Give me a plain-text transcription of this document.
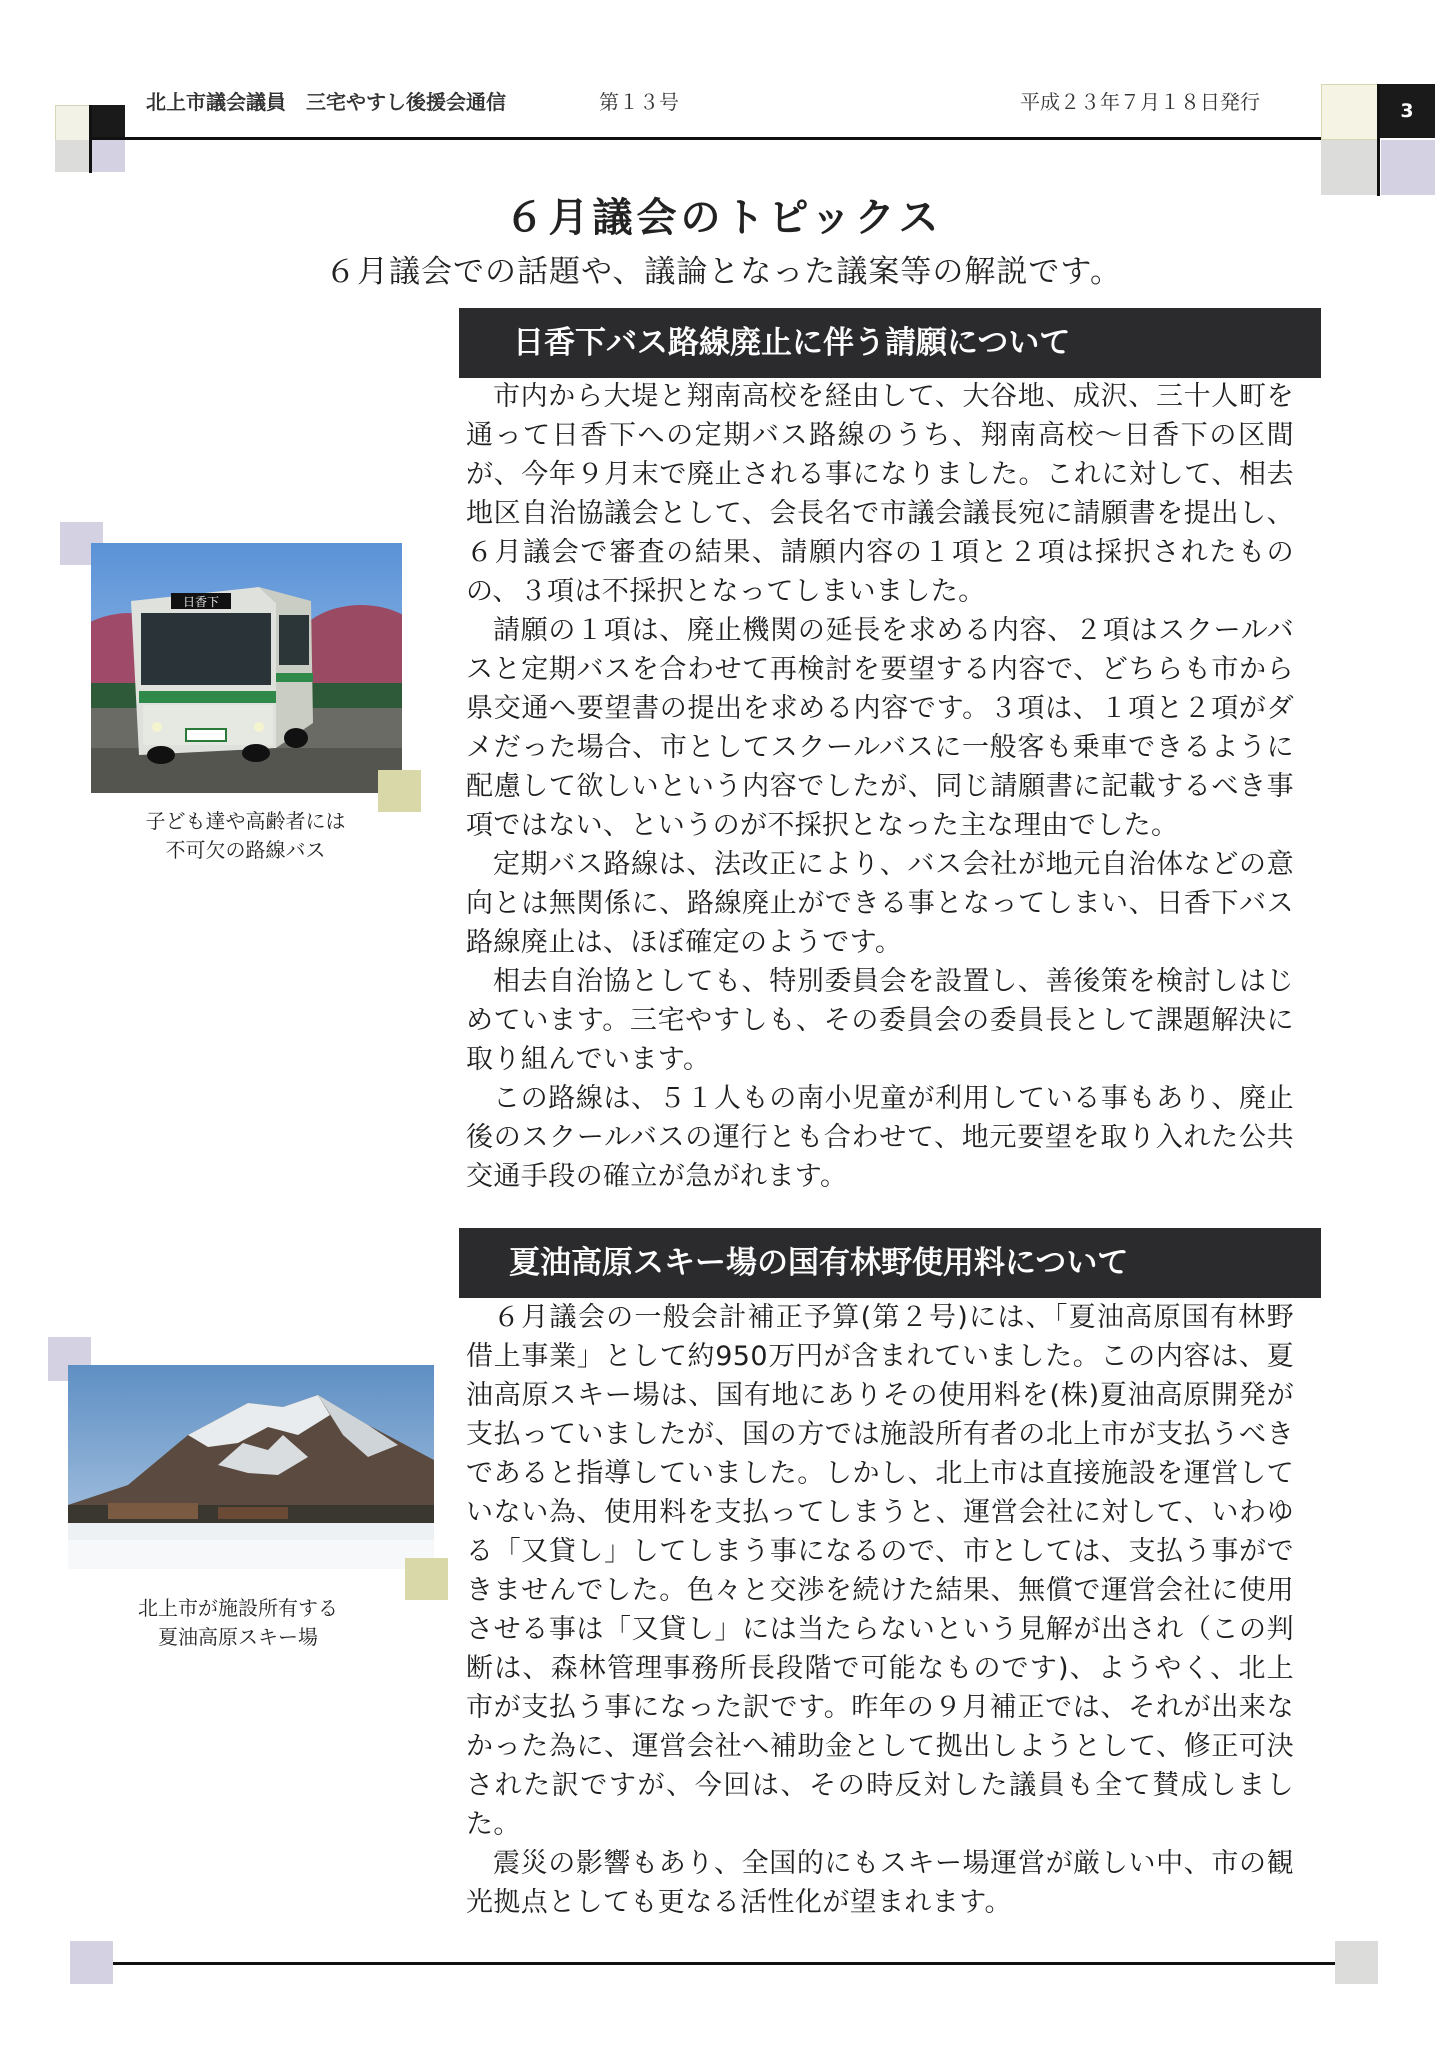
3
北上市議会議員　三宅やすし後援会通信	第１３号	平成２３年７月１８日発行
６月議会のトピックス
６月議会での話題や、議論となった議案等の解説です。
日香下バス路線廃止に伴う請願について

市内から大堤と翔南高校を経由して、大谷地、成沢、三十人町を通って日香下への定期バス路線のうち、翔南高校～日香下の区間が、今年９月末で廃止される事になりました。これに対して、相去地区自治協議会として、会長名で市議会議長宛に請願書を提出し、６月議会で審査の結果、請願内容の１項と２項は採択されたものの、３項は不採択となってしまいました。

請願の１項は、廃止機関の延長を求める内容、２項はスクールバスと定期バスを合わせて再検討を要望する内容で、どちらも市から県交通へ要望書の提出を求める内容です。３項は、１項と２項がダメだった場合、市としてスクールバスに一般客も乗車できるように配慮して欲しいという内容でしたが、同じ請願書に記載するべき事項ではない、というのが不採択となった主な理由でした。

定期バス路線は、法改正により、バス会社が地元自治体などの意向とは無関係に、路線廃止ができる事となってしまい、日香下バス路線廃止は、ほぼ確定のようです。

相去自治協としても、特別委員会を設置し、善後策を検討しはじめています。三宅やすしも、その委員会の委員長として課題解決に取り組んでいます。

この路線は、５１人もの南小児童が利用している事もあり、廃止後のスクールバスの運行とも合わせて、地元要望を取り入れた公共交通手段の確立が急がれます。

日香下
子ども達や高齢者には
不可欠の路線バス
夏油高原スキー場の国有林野使用料について

６月議会の一般会計補正予算(第２号)には、「夏油高原国有林野借上事業」として約950万円が含まれていました。この内容は、夏油高原スキー場は、国有地にありその使用料を(株)夏油高原開発が支払っていましたが、国の方では施設所有者の北上市が支払うべきであると指導していました。しかし、北上市は直接施設を運営していない為、使用料を支払ってしまうと、運営会社に対して、いわゆる「又貸し」してしまう事になるので、市としては、支払う事ができませんでした。色々と交渉を続けた結果、無償で運営会社に使用させる事は「又貸し」には当たらないという見解が出され（この判断は、森林管理事務所長段階で可能なものです)、ようやく、北上市が支払う事になった訳です。昨年の９月補正では、それが出来なかった為に、運営会社へ補助金として拠出しようとして、修正可決された訳ですが、今回は、その時反対した議員も全て賛成しました。

震災の影響もあり、全国的にもスキー場運営が厳しい中、市の観光拠点としても更なる活性化が望まれます。

北上市が施設所有する
夏油高原スキー場
